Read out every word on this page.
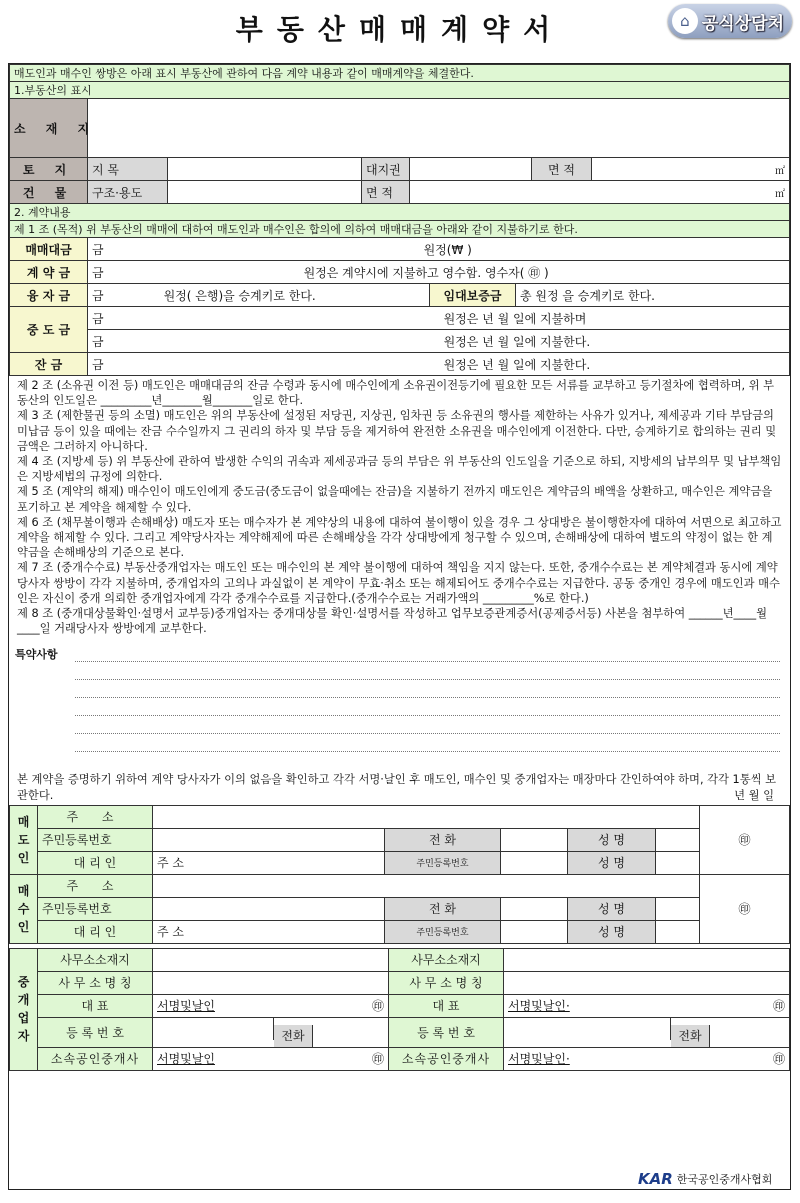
부동산매매계약서	⌂ 공식상담처
매도인과 매수인 쌍방은 아래 표시 부동산에 관하여 다음 계약 내용과 같이 매매계약을 체결한다.						
1.부동산의 표시						
소 재 지						
토 지	지 목		대지권		면 적	㎡
건 물	구조·용도		면 적	㎡		
2. 계약내용						
제 1 조 (목적) 위 부동산의 매매에 대하여 매도인과 매수인은 합의에 의하여 매매대금을 아래와 같이 지불하기로 한다.						
매매대금	금 원정(₩ )		
계 약 금	금 원정은 계약시에 지불하고 영수함. 영수자( ㊞ )		
융 자 금	금 원정( 은행)을 승계키로 한다.	임대보증금	총 원정 을 승계키로 한다.
중 도 금	금 원정은 년 월 일에 지불하며		
	금 원정은 년 월 일에 지불한다.		
잔 금	금 원정은 년 월 일에 지불한다.		

제 2 조 (소유권 이전 등) 매도인은 매매대금의 잔금 수령과 동시에 매수인에게 소유권이전등기에 필요한 모든 서류를 교부하고 등기절차에 협력하며, 위 부동산의 인도일은 _________년_______월_______일로 한다.

제 3 조 (제한물권 등의 소멸) 매도인은 위의 부동산에 설정된 저당권, 지상권, 임차권 등 소유권의 행사를 제한하는 사유가 있거나, 제세공과 기타 부담금의 미납금 등이 있을 때에는 잔금 수수일까지 그 권리의 하자 및 부담 등을 제거하여 완전한 소유권을 매수인에게 이전한다. 다만, 승계하기로 합의하는 권리 및 금액은 그러하지 아니하다.

제 4 조 (지방세 등) 위 부동산에 관하여 발생한 수익의 귀속과 제세공과금 등의 부담은 위 부동산의 인도일을 기준으로 하되, 지방세의 납부의무 및 납부책임은 지방세법의 규정에 의한다.

제 5 조 (계약의 해제) 매수인이 매도인에게 중도금(중도금이 없을때에는 잔금)을 지불하기 전까지 매도인은 계약금의 배액을 상환하고, 매수인은 계약금을 포기하고 본 계약을 해제할 수 있다.

제 6 조 (채무불이행과 손해배상) 매도자 또는 매수자가 본 계약상의 내용에 대하여 불이행이 있을 경우 그 상대방은 불이행한자에 대하여 서면으로 최고하고 계약을 해제할 수 있다. 그리고 계약당사자는 계약해제에 따른 손해배상을 각각 상대방에게 청구할 수 있으며, 손해배상에 대하여 별도의 약정이 없는 한 계약금을 손해배상의 기준으로 본다.

제 7 조 (중개수수료) 부동산중개업자는 매도인 또는 매수인의 본 계약 불이행에 대하여 책임을 지지 않는다. 또한, 중개수수료는 본 계약체결과 동시에 계약 당사자 쌍방이 각각 지불하며, 중개업자의 고의나 과실없이 본 계약이 무효·취소 또는 해제되어도 중개수수료는 지급한다. 공동 중개인 경우에 매도인과 매수인은 자신이 중개 의뢰한 중개업자에게 각각 중개수수료를 지급한다.(중개수수료는 거래가액의 _________%로 한다.)

제 8 조 (중개대상물확인·설명서 교부등)중개업자는 중개대상물 확인·설명서를 작성하고 업무보증관계증서(공제증서등) 사본을 첨부하여 ______년____월____일 거래당사자 쌍방에게 교부한다.

특약사항

본 계약을 증명하기 위하여 계약 당사자가 이의 없음을 확인하고 각각 서명·날인 후 매도인, 매수인 및 중개업자는 매장마다 간인하여야 하며, 각각 1통씩 보관한다.	년 월 일
매도인	주 소						㊞
	주민등록번호		전 화		성 명		
	대 리 인	주 소	주민등록번호		성 명		
매수인	주 소						㊞
	주민등록번호		전 화		성 명		
	대 리 인	주 소	주민등록번호		성 명		
중개업자	사무소소재지		사무소소재지	
	사 무 소 명 칭		사 무 소 명 칭	
	대 표	서명및날인 ㊞	대 표	서명및날인· ㊞

	등 록 번 호	전화	등 록 번 호	전화
	소속공인중개사	서명및날인 ㊞	소속공인중개사	서명및날인· ㊞
KAR 한국공인중개사협회
